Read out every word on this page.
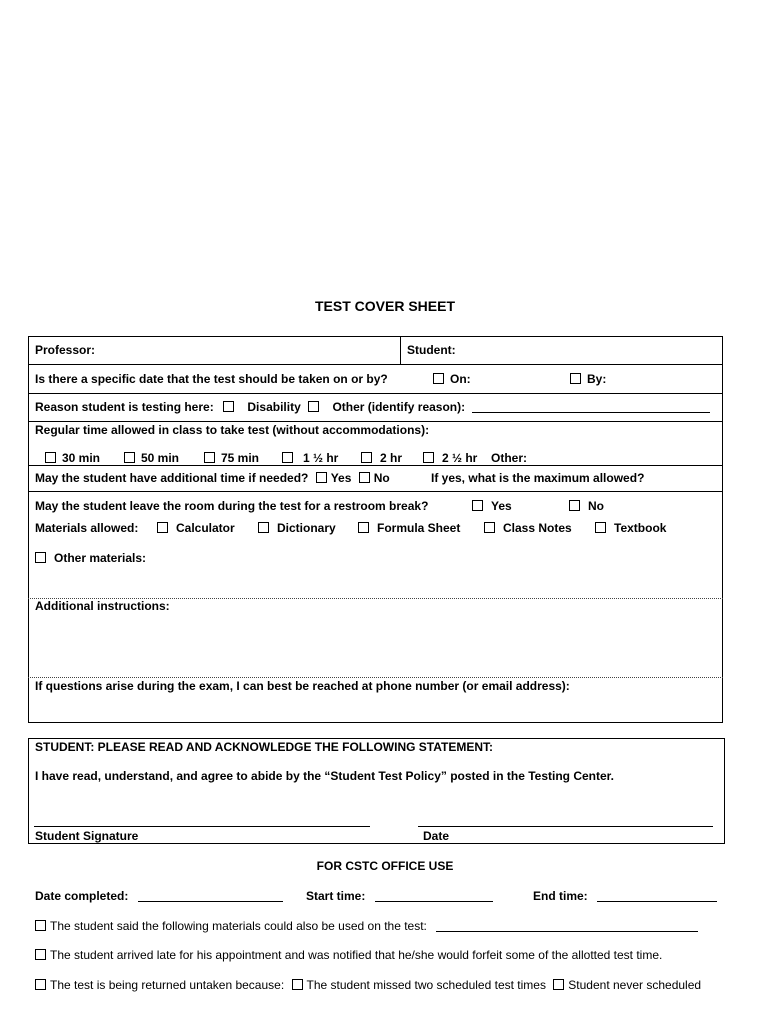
TEST COVER SHEET
Professor:	Student:
Is there a specific date that the test should be taken on or by?	On:	By:
Reason student is testing here:	Disability	Other (identify reason):
Regular time allowed in class to take test (without accommodations):
30 min	50 min	75 min	1 ½ hr	2 hr	2 ½ hr Other:
May the student have additional time if needed? Yes No	If yes, what is the maximum allowed?
May the student leave the room during the test for a restroom break?	Yes	No
Materials allowed:	Calculator	Dictionary	Formula Sheet	Class Notes	Textbook
Other materials:
Additional instructions:
If questions arise during the exam, I can best be reached at phone number (or email address):
STUDENT: PLEASE READ AND ACKNOWLEDGE THE FOLLOWING STATEMENT:
I have read, understand, and agree to abide by the “Student Test Policy” posted in the Testing Center.
Student Signature	Date
FOR CSTC OFFICE USE
Date completed:	Start time:	End time:
The student said the following materials could also be used on the test:
The student arrived late for his appointment and was notified that he/she would forfeit some of the allotted test time.
The test is being returned untaken because: The student missed two scheduled test times Student never scheduled
